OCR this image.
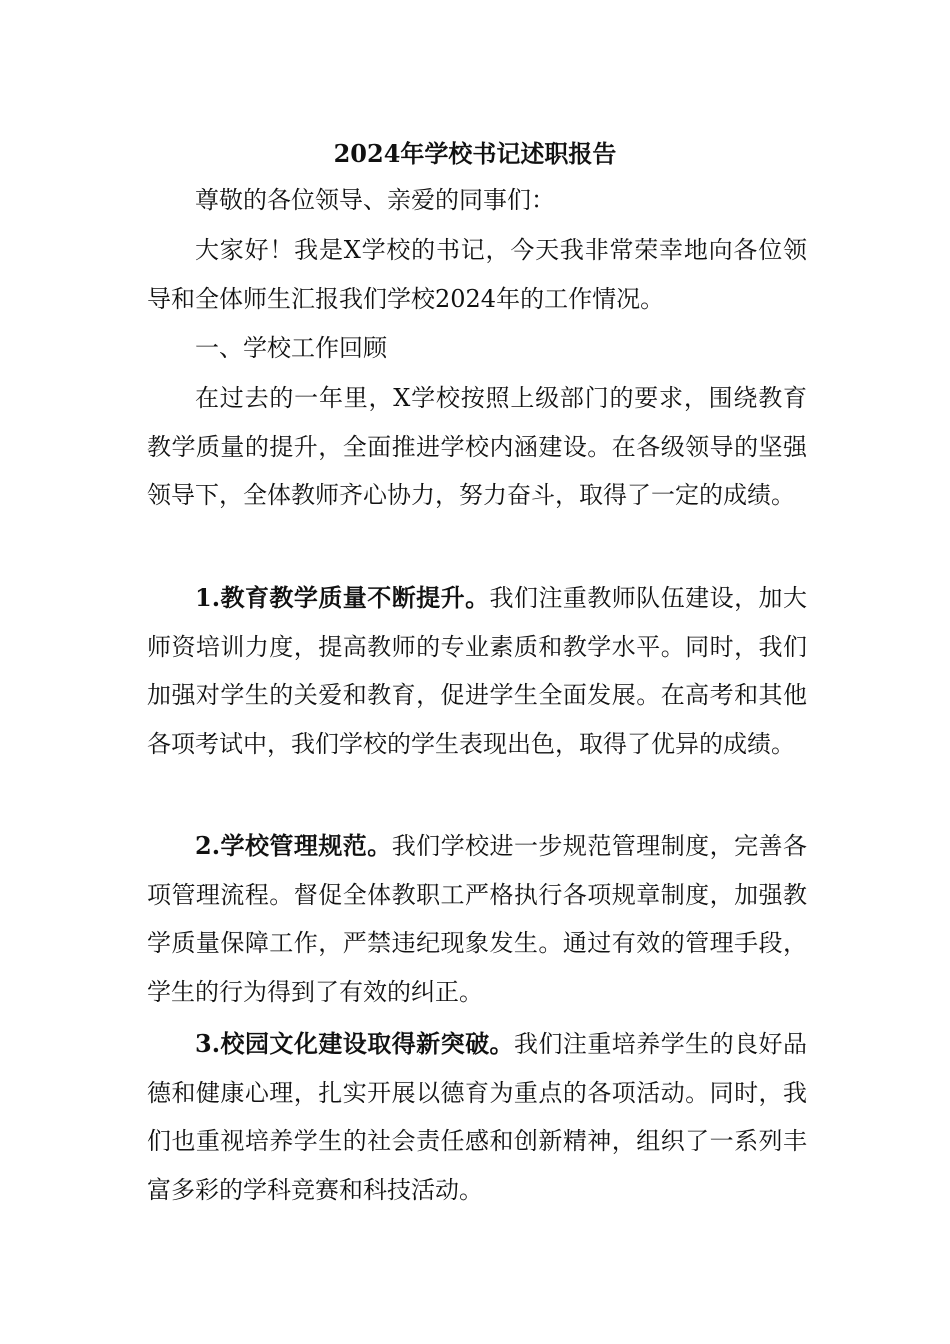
2024年学校书记述职报告

尊敬的各位领导、亲爱的同事们：

大家好！我是X学校的书记，今天我非常荣幸地向各位领导和全体师生汇报我们学校2024年的工作情况。

一、学校工作回顾

在过去的一年里，X学校按照上级部门的要求，围绕教育教学质量的提升，全面推进学校内涵建设。在各级领导的坚强领导下，全体教师齐心协力，努力奋斗，取得了一定的成绩。

1.教育教学质量不断提升。我们注重教师队伍建设，加大师资培训力度，提高教师的专业素质和教学水平。同时，我们加强对学生的关爱和教育，促进学生全面发展。在高考和其他各项考试中，我们学校的学生表现出色，取得了优异的成绩。

2.学校管理规范。我们学校进一步规范管理制度，完善各项管理流程。督促全体教职工严格执行各项规章制度，加强教学质量保障工作，严禁违纪现象发生。通过有效的管理手段，学生的行为得到了有效的纠正。

3.校园文化建设取得新突破。我们注重培养学生的良好品德和健康心理，扎实开展以德育为重点的各项活动。同时，我们也重视培养学生的社会责任感和创新精神，组织了一系列丰富多彩的学科竞赛和科技活动。
